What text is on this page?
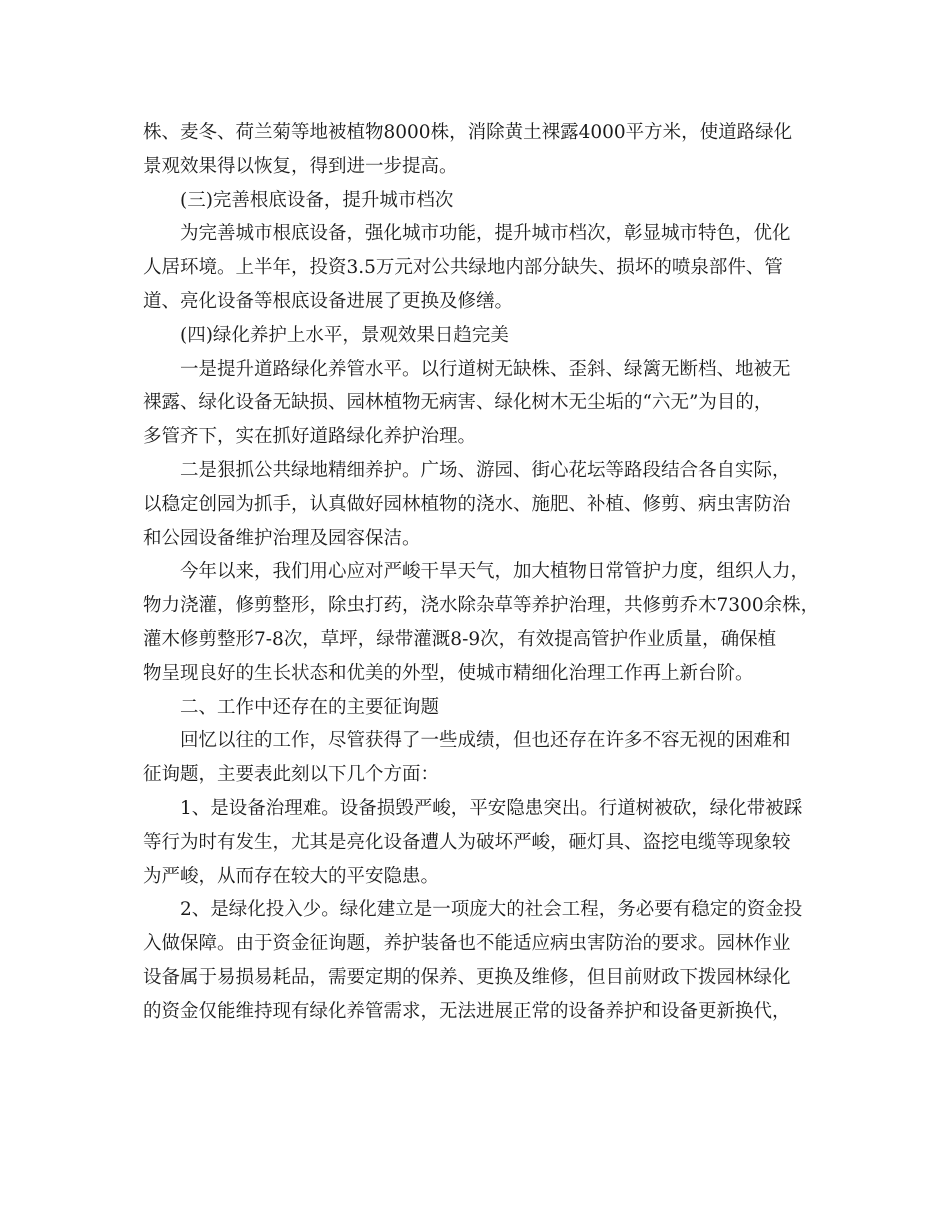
株、麦冬、荷兰菊等地被植物8000株，消除黄土裸露4000平方米，使道路绿化
景观效果得以恢复，得到进一步提高。
(三)完善根底设备，提升城市档次
为完善城市根底设备，强化城市功能，提升城市档次，彰显城市特色，优化
人居环境。上半年，投资3.5万元对公共绿地内部分缺失、损坏的喷泉部件、管
道、亮化设备等根底设备进展了更换及修缮。
(四)绿化养护上水平，景观效果日趋完美
一是提升道路绿化养管水平。以行道树无缺株、歪斜、绿篱无断档、地被无
裸露、绿化设备无缺损、园林植物无病害、绿化树木无尘垢的“六无”为目的，
多管齐下，实在抓好道路绿化养护治理。
二是狠抓公共绿地精细养护。广场、游园、街心花坛等路段结合各自实际，
以稳定创园为抓手，认真做好园林植物的浇水、施肥、补植、修剪、病虫害防治
和公园设备维护治理及园容保洁。
今年以来，我们用心应对严峻干旱天气，加大植物日常管护力度，组织人力，
物力浇灌，修剪整形，除虫打药，浇水除杂草等养护治理，共修剪乔木7300余株，
灌木修剪整形7-8次，草坪，绿带灌溉8-9次，有效提高管护作业质量，确保植
物呈现良好的生长状态和优美的外型，使城市精细化治理工作再上新台阶。
二、工作中还存在的主要征询题
回忆以往的工作，尽管获得了一些成绩，但也还存在许多不容无视的困难和
征询题，主要表此刻以下几个方面：
1、是设备治理难。设备损毁严峻，平安隐患突出。行道树被砍，绿化带被踩
等行为时有发生，尤其是亮化设备遭人为破坏严峻，砸灯具、盗挖电缆等现象较
为严峻，从而存在较大的平安隐患。
2、是绿化投入少。绿化建立是一项庞大的社会工程，务必要有稳定的资金投
入做保障。由于资金征询题，养护装备也不能适应病虫害防治的要求。园林作业
设备属于易损易耗品，需要定期的保养、更换及维修，但目前财政下拨园林绿化
的资金仅能维持现有绿化养管需求，无法进展正常的设备养护和设备更新换代，
